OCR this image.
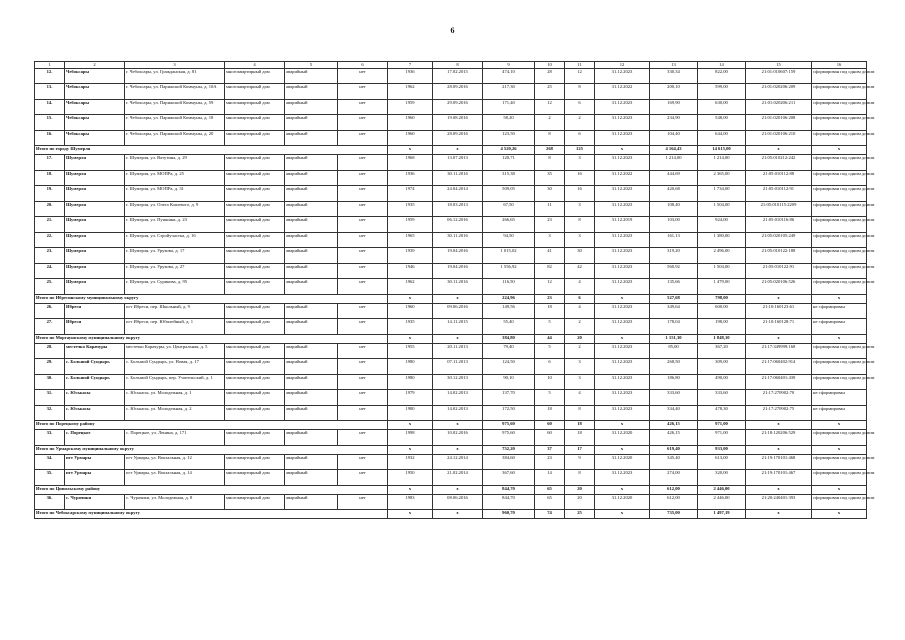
6
1	2	3	4	5	6	7	8	9	10	11	12	13	14	15	16
12.	Чебоксары	г. Чебоксары, ул. Гражданская, д. 81	многоквартирный дом	аварийный	нет	1936	17.02.2015	474,10	28	12	31.12.2023	330,34	822,00	21:01:010607:159	сформирован под одним домом
13.	Чебоксары	г. Чебоксары, ул. Парижской Коммуны, д. 10А	многоквартирный дом	аварийный	нет	1962	28.09.2016	217,30	25	8	31.12.2022	200,10	599,00	21:01:020206:209	сформирован под одним домом
14.	Чебоксары	г. Чебоксары, ул. Парижской Коммуны, д. 59	многоквартирный дом	аварийный	нет	1959	29.09.2016	171,40	12	6	31.12.2023	169,90	630,00	21:01:020206:211	сформирован под одним домом
15.	Чебоксары	г. Чебоксары, ул. Парижской Коммуны, д. 18	многоквартирный дом	аварийный	нет	1960	19.08.2016	58,20	2	2	31.12.2023	234,90	548,00	21:01:020106:208	сформирован под одним домом
16.	Чебоксары	г. Чебоксары, ул. Парижской Коммуны, д. 20	многоквартирный дом	аварийный	нет	1960	28.09.2016	123,50	8	6	31.12.2023	104,40	644,00	21:01:020106:210	сформирован под одним домом
Итого по городу Шумерля						х	х	4 520,26	268	125	х	4 164,43	14 615,00	х	х
17.	Шумерля	г. Шумерля, ул. Ватутина, д. 29	многоквартирный дом	аварийный	нет	1968	13.07.2013	120,71	8	3	31.12.2023	1 214,00	1 214,00	21:05:010212:242	сформирован под одним домом
18.	Шумерля	г. Шумерля, ул. МОПРа, д. 25	многоквартирный дом	аварийный	нет	1936	30.11.2016	315,38	35	16	31.12.2022	444,69	2 365,00	21:05:010112:88	сформирован под одним домом
19.	Шумерля	г. Шумерля, ул. МОПРа, д. 31	многоквартирный дом	аварийный	нет	1974	24.04.2014	509,05	30	16	31.12.2023	420,68	1 734,00	21:05:010112:91	сформирован под одним домом
20.	Шумерля	г. Шумерля, ул. Олега Кошевого, д. 9	многоквартирный дом	аварийный	нет	1935	18.03.2013	67,50	11	3	31.12.2023	108,40	1 504,00	21:05:010115:2209	сформирован под одним домом
21.	Шумерля	г. Шумерля, ул. Пушкина, д. 23	многоквартирный дом	аварийный	нет	1959	06.12.2016	266,65	23	8	31.12.2019	103,00	924,00	21:05:010116:86	сформирован под одним домом
22.	Шумерля	г. Шумерля, ул. Стройучастка, д. 16	многоквартирный дом	аварийный	нет	1965	30.11.2016	94,50	3	3	31.12.2023	161,13	1 380,00	21:05:020105:249	сформирован под одним домом
23.	Шумерля	г. Шумерля, ул. Урукова, д. 17	многоквартирный дом	аварийный	нет	1939	19.04.2016	1 015,02	41	30	31.12.2023	319,20	2 496,00	21:05:010122:188	сформирован под одним домом
24.	Шумерля	г. Шумерля, ул. Урукова, д. 27	многоквартирный дом	аварийный	нет	1946	19.04.2016	1 556,92	82	42	31.12.2023	560,92	1 504,00	21:05:010122:91	сформирован под одним домом
25.	Шумерля	г. Шумерля, ул. Сурикова, д. 95	многоквартирный дом	аварийный	нет	1962	30.11.2016	116,50	12	4	31.12.2023	135,66	1 479,00	21:05:020106:526	сформирован под одним домом
Итого по Ибресинскому муниципальному округу						х	х	224,96	23	6	х	527,68	798,00	х	х
26.	Ибреси	пгт Ибреси, пер. Школьный, д. 9	многоквартирный дом	аварийный	нет	1960	09.06.2016	149,56	18	4	31.12.2023	349,64	600,00	21:10:160123:61	не сформирован
27.	Ибреси	пгт Ибреси, пер. Юбилейный, д. 1	многоквартирный дом	аварийный	нет	1935	14.11.2015	55,40	5	2	31.12.2023	178,04	198,00	21:10:160128:71	не сформирован
Итого по Моргаушскому муниципальному округу						х	х	384,80	44	20	х	1 151,30	1 848,10	х	х
28.	местечко Карачуры	местечко Карачуры, ул. Центральная, д. 5	многоквартирный дом	аварийный	нет	1955	20.11.2013	79,40	5	2	31.12.2023	85,00	367,20	21:17:349999:168	сформирован под одним домом
29.	с. Большой Сундырь	с. Большой Сундырь, ул. Новая, д. 17	многоквартирный дом	аварийный	нет	1980	07.11.2013	124,50	6	3	31.12.2023	268,50	309,00	21:17:060402:914	сформирован под одним домом
30.	с. Большой Сундырь	с. Большой Сундырь, пер. Учительский, д. 1	многоквартирный дом	аварийный	нет	1980	30.12.2013	90,10	10	3	31.12.2023	186,80	490,00	21:17:060401:439	сформирован под одним домом
31.	с. Юськасы	с. Юськасы, ул. Молодежная, д. 1	многоквартирный дом	аварийный	нет	1979	14.02.2013	137,70	5	4	31.12.2023	333,60	333,60	21:17:270902:70	не сформирован
32.	с. Юськасы	с. Юськасы, ул. Молодежная, д. 2	многоквартирный дом	аварийный	нет	1980	14.02.2013	172,50	18	8	31.12.2023	334,40	478,30	21:17:270902:75	не сформирован
Итого по Порецкому району						х	х	975,60	60	18	х	426,15	971,00	х	х
33.	с. Порецкое	с. Порецкое, ул. Ленина, д. 171	многоквартирный дом	аварийный	нет	1998	10.02.2016	975,60	60	18	31.12.2020	426,15	971,00	21:18:120206:529	сформирован под одним домом
Итого по Урмарскому муниципальному округу						х	х	752,20	37	17	х	619,40	933,00	х	х
34.	пгт Урмары	пгт Урмары, ул. Вокзальная, д. 12	многоквартирный дом	аварийный	нет	1932	24.12.2014	384,60	23	9	31.12.2020	345,40	613,00	21:19:170101:468	сформирован под одним домом
35.	пгт Урмары	пгт Урмары, ул. Вокзальная, д. 14	многоквартирный дом	аварийный	нет	1950	21.02.2014	367,60	14	8	31.12.2023	274,00	320,00	21:19:170101:467	сформирован под одним домом
Итого по Цивильскому району						х	х	844,70	65	20	х	612,00	2 446,00	х	х
36.	с. Чурачики	с. Чурачики, ул. Молодежная, д. 8	многоквартирный дом	аварийный	нет	1983	08.06.2016	844,70	65	20	31.12.2020	612,00	2 446,00	21:20:240401:393	сформирован под одним домом
Итого по Чебоксарскому муниципальному округу						х	х	960,70	74	25	х	735,00	1 497,19	х	х
